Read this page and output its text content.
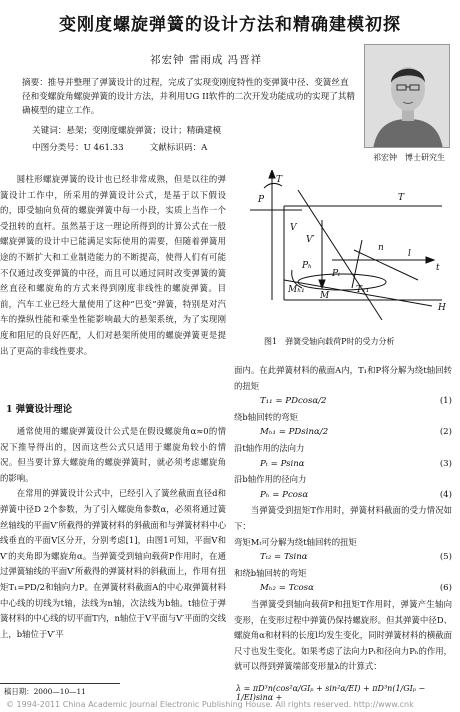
变刚度螺旋弹簧的设计方法和精确建模初探
祁宏钟 雷雨成 冯晋祥
摘要：推导并整理了弹簧设计的过程，完成了实现变刚度特性的变弹簧中径、变簧丝直径和变螺旋角螺旋弹簧的设计方法，并利用UG II软件的二次开发功能成功的实现了其精确模型的建立工作。
关键词：悬架；变刚度螺旋弹簧；设计；精确建模
中图分类号：U 461.33	文献标识码：A
祁宏钟　博士研究生

圆柱形螺旋弹簧的设计也已经非常成熟，但是以往的弹簧设计工作中，所采用的弹簧设计公式，是基于以下假设的，即受轴向负荷的螺旋弹簧中每一小段，实质上当作一个受扭转的直杆。虽然基于这一理论所得到的计算公式在一般螺旋弹簧的设计中已能满足实际使用的需要，但随着弹簧用途的不断扩大和工业制造能力的不断提高，使得人们有可能不仅通过改变弹簧的中径，而且可以通过同时改变弹簧的簧丝直径和螺旋角的方式来得到刚度非线性的螺旋弹簧。目前，汽车工业已经大量使用了这种“巴变”弹簧，特别是对汽车的操纵性能和乘坐性能影响最大的悬架系统，为了实现刚度和阻尼的良好匹配，人们对悬架所使用的螺旋弹簧更是提出了更高的非线性要求。

1 弹簧设计理论

通常使用的螺旋弹簧设计公式是在假设螺旋角α≈0的情况下推导得出的，因而这些公式只适用于螺旋角较小的情况。但当要计算大螺旋角的螺旋弹簧时，就必须考虑螺旋角的影响。

在常用的弹簧设计公式中，已经引入了簧丝截面直径d和弹簧中径D 2个参数，为了引入螺旋角参数α，必须将通过簧丝轴线的平面V′所截得的弹簧材料的斜截面和与弹簧材料中心线垂直的平面V区分开，分别考虑[1]，由图1可知，平面V和V′的夹角即为螺旋角α。当弹簧受到轴向载荷P作用时，在通过弹簧轴线的平面V′所截得的弹簧材料的斜截面上，作用有扭矩T₁=PD/2和轴向力P。在弹簧材料截面A的中心取弹簧材料中心线的切线为t轴，法线为n轴，次法线为b轴。t轴位于弹簧材料的中心线的切平面T内，n轴位于V平面与V′平面的交线上，b轴位于V′平

T
P
V
V′
T
Pₕ
Mₕ₁
Pₜ
T₁₁
n
l
M
H
t
图1　弹簧受轴向载荷P时的受力分析

面内。在此弹簧材料的截面A内，T₁和P将分解为绕t轴回转的扭矩

T₁₁ = PDcosα/2	(1)

绕b轴回转的弯矩

Mₕ₁ = PDsinα/2	(2)

沿t轴作用的法向力

Pₜ = Psinα	(3)

沿b轴作用的径向力

Pₕ = Pcosα	(4)

当弹簧受到扭矩T作用时，弹簧材料截面的受力情况如下：

弯矩Mₜ可分解为绕t轴回转的扭矩

Tₜ₂ = Tsinα	(5)

和绕b轴回转的弯矩

Mₕ₂ = Tcosα	(6)

当弹簧受到轴向载荷P和扭矩T作用时，弹簧产生轴向变形，在变形过程中弹簧仍保持螺旋形。但其弹簧中径D、螺旋角α和材料的长度l均发生变化，同时弹簧材料的横截面尺寸也发生变化。如果考虑了法向力Pₜ和径向力Pₕ的作用，就可以得到弹簧端部变形量λ的计算式：

稿日期：2000—10—11	λ = πD³n(cos²α/GIₚ + sin²α/EI) + πD³n(1/GIₚ − 1/EI)sinα +
© 1994-2011 China Academic Journal Electronic Publishing House. All rights reserved. http://www.cnk
